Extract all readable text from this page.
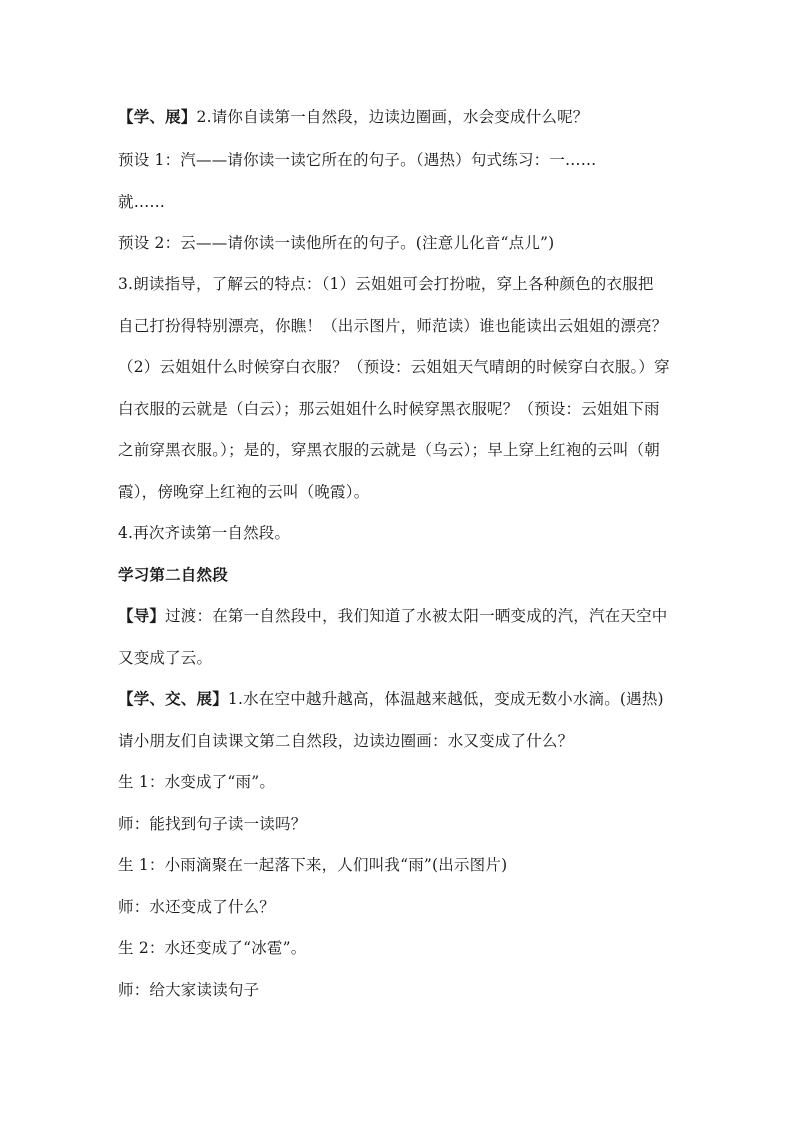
【学、展】2.请你自读第一自然段，边读边圈画，水会变成什么呢？
预设 1：汽——请你读一读它所在的句子。（遇热）句式练习：一……
就……
预设 2：云——请你读一读他所在的句子。(注意儿化音“点儿”)
3.朗读指导，了解云的特点：（1）云姐姐可会打扮啦，穿上各种颜色的衣服把
自己打扮得特别漂亮，你瞧！（出示图片，师范读）谁也能读出云姐姐的漂亮？
（2）云姐姐什么时候穿白衣服？（预设：云姐姐天气晴朗的时候穿白衣服。）穿
白衣服的云就是（白云）；那云姐姐什么时候穿黑衣服呢？（预设：云姐姐下雨
之前穿黑衣服。）；是的，穿黑衣服的云就是（乌云）；早上穿上红袍的云叫（朝
霞），傍晚穿上红袍的云叫（晚霞）。
4.再次齐读第一自然段。
学习第二自然段
【导】过渡：在第一自然段中，我们知道了水被太阳一晒变成的汽，汽在天空中
又变成了云。
【学、交、展】1.水在空中越升越高，体温越来越低，变成无数小水滴。(遇热)
请小朋友们自读课文第二自然段，边读边圈画：水又变成了什么？
生 1：水变成了“雨”。
师：能找到句子读一读吗？
生 1：小雨滴聚在一起落下来，人们叫我“雨”(出示图片)
师：水还变成了什么？
生 2：水还变成了“冰雹”。
师：给大家读读句子
